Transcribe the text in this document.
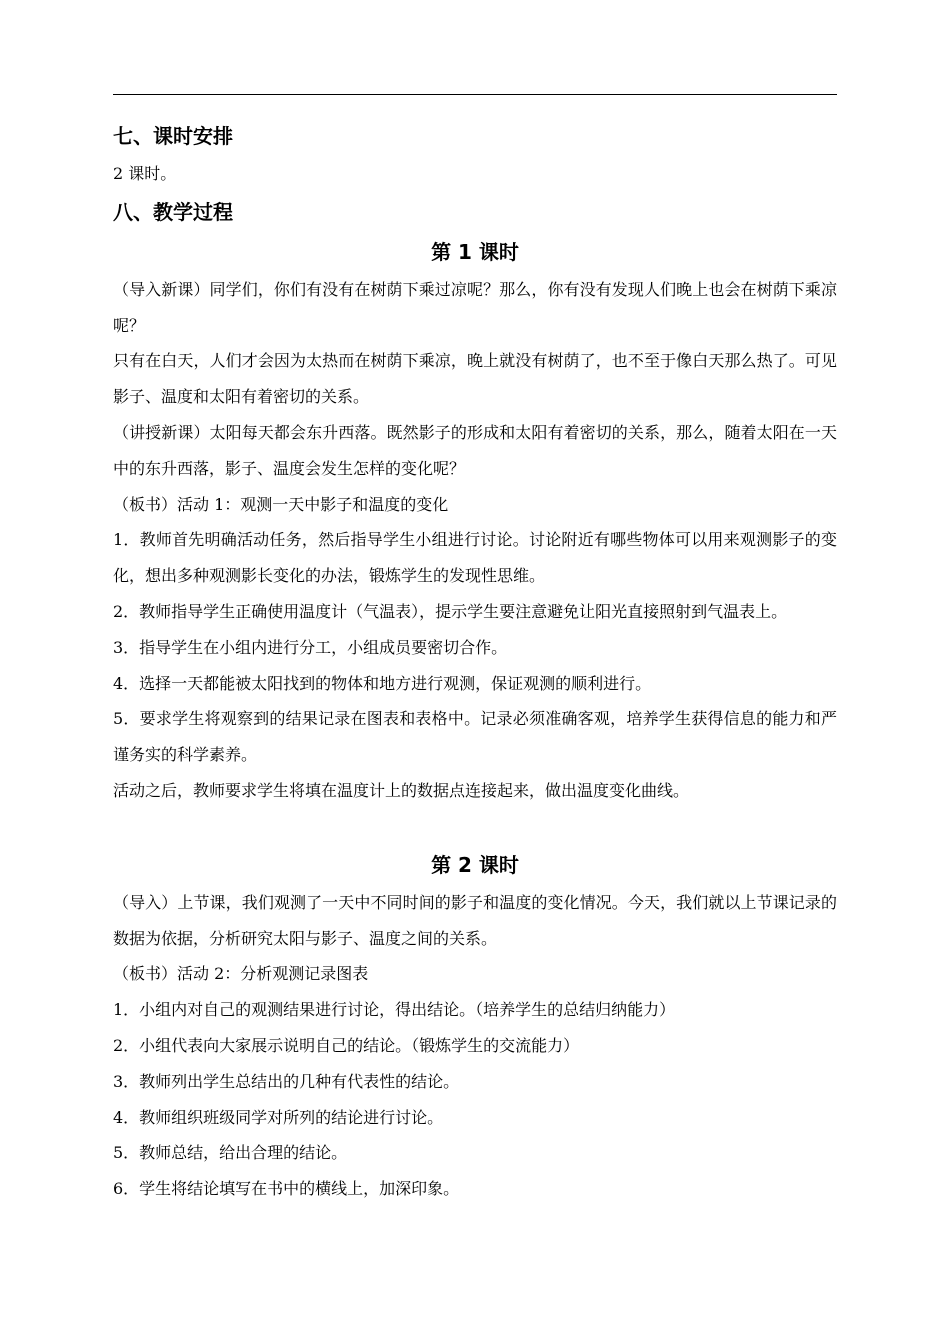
七、课时安排

2 课时。

八、教学过程
第 1 课时

（导入新课）同学们，你们有没有在树荫下乘过凉呢？那么，你有没有发现人们晚上也会在树荫下乘凉呢？

只有在白天，人们才会因为太热而在树荫下乘凉，晚上就没有树荫了，也不至于像白天那么热了。可见影子、温度和太阳有着密切的关系。

（讲授新课）太阳每天都会东升西落。既然影子的形成和太阳有着密切的关系，那么，随着太阳在一天中的东升西落，影子、温度会发生怎样的变化呢？

（板书）活动 1：观测一天中影子和温度的变化

1．教师首先明确活动任务，然后指导学生小组进行讨论。讨论附近有哪些物体可以用来观测影子的变化，想出多种观测影长变化的办法，锻炼学生的发现性思维。

2．教师指导学生正确使用温度计（气温表），提示学生要注意避免让阳光直接照射到气温表上。

3．指导学生在小组内进行分工，小组成员要密切合作。

4．选择一天都能被太阳找到的物体和地方进行观测，保证观测的顺利进行。

5．要求学生将观察到的结果记录在图表和表格中。记录必须准确客观，培养学生获得信息的能力和严谨务实的科学素养。

活动之后，教师要求学生将填在温度计上的数据点连接起来，做出温度变化曲线。

第 2 课时

（导入）上节课，我们观测了一天中不同时间的影子和温度的变化情况。今天，我们就以上节课记录的数据为依据，分析研究太阳与影子、温度之间的关系。

（板书）活动 2：分析观测记录图表

1．小组内对自己的观测结果进行讨论，得出结论。（培养学生的总结归纳能力）

2．小组代表向大家展示说明自己的结论。（锻炼学生的交流能力）

3．教师列出学生总结出的几种有代表性的结论。

4．教师组织班级同学对所列的结论进行讨论。

5．教师总结，给出合理的结论。

6．学生将结论填写在书中的横线上，加深印象。
